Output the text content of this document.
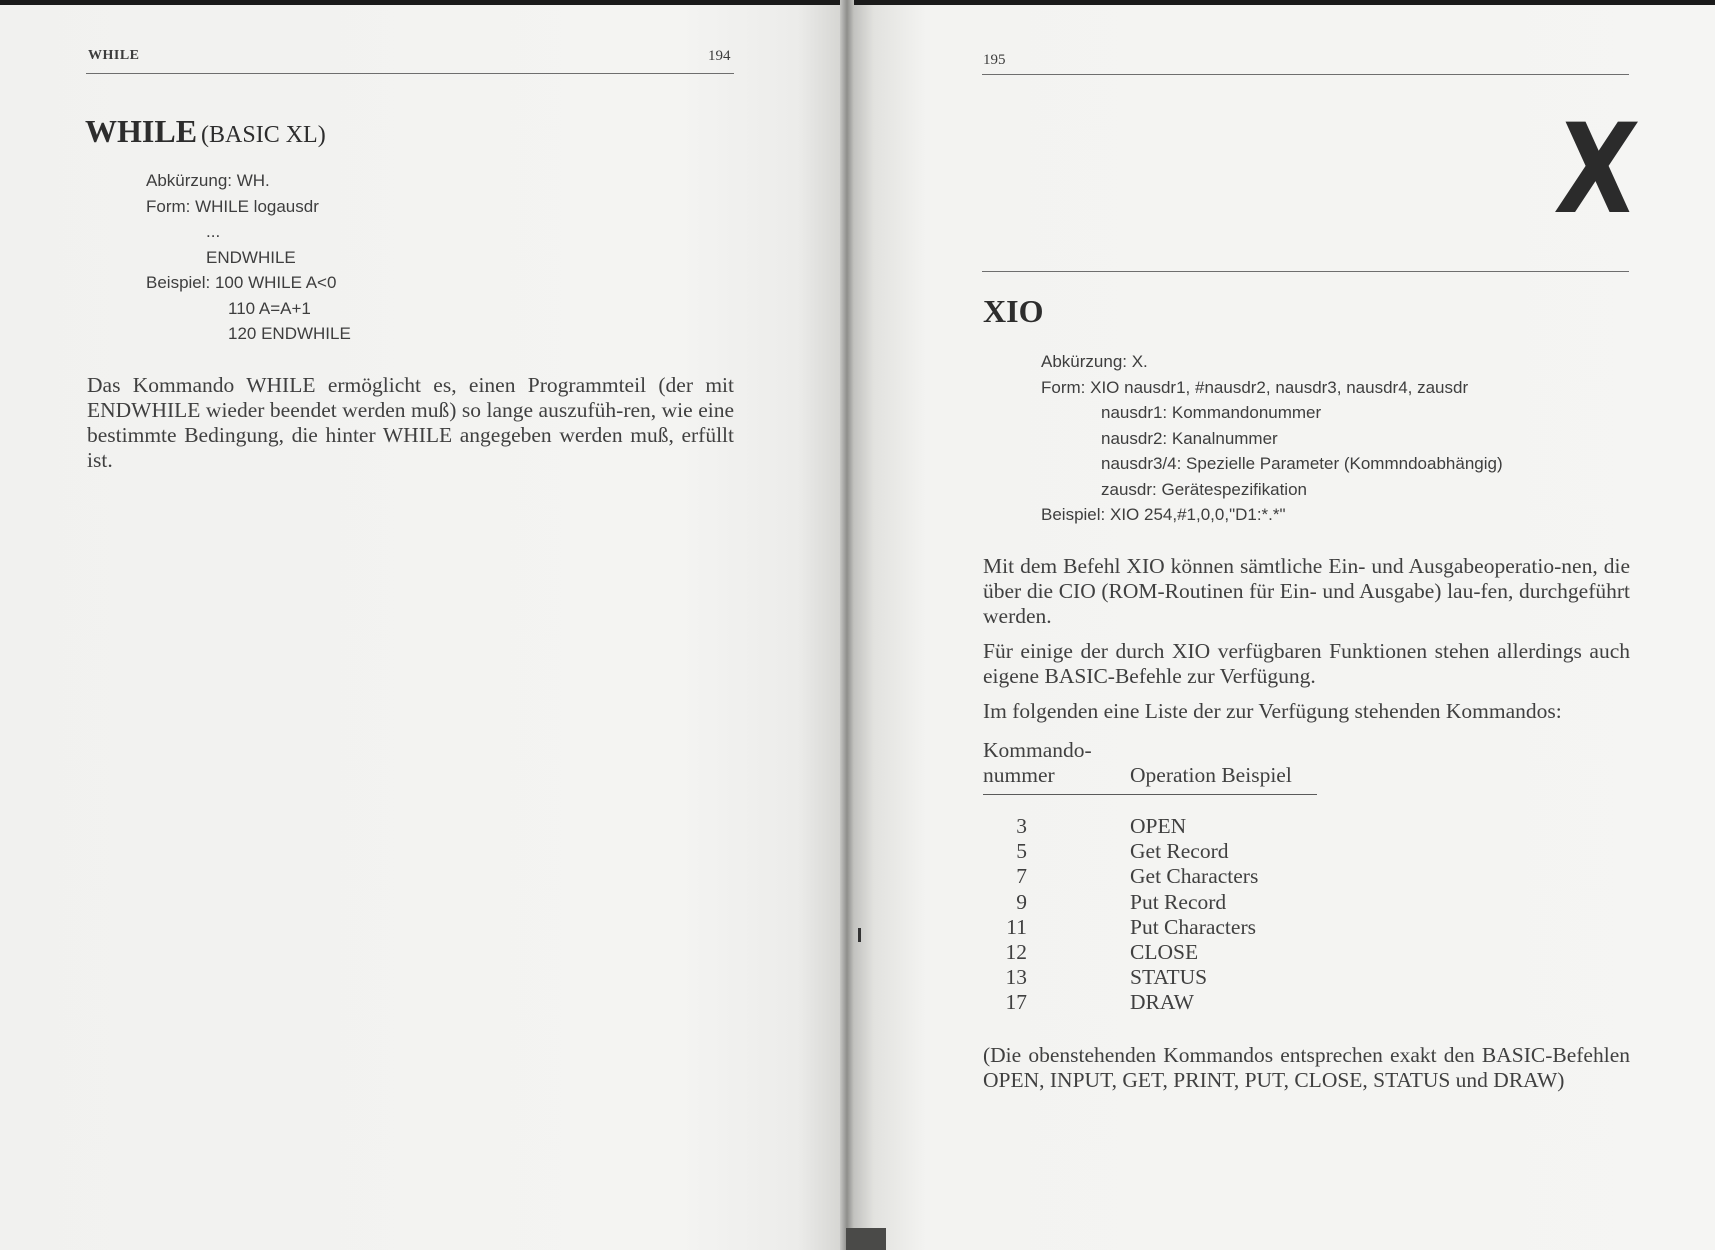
WHILE	194
WHILE (BASIC XL)
Abkürzung: WH.
Form: WHILE logausdr
...
ENDWHILE
Beispiel: 100 WHILE A<0
110 A=A+1
120 ENDWHILE

Das Kommando WHILE ermöglicht es, einen Programmteil (der mit ENDWHILE wieder beendet werden muß) so lange auszufüh-ren, wie eine bestimmte Bedingung, die hinter WHILE angegeben werden muß, erfüllt ist.

195
X
XIO
Abkürzung: X.
Form: XIO nausdr1, #nausdr2, nausdr3, nausdr4, zausdr
nausdr1: Kommandonummer
nausdr2: Kanalnummer
nausdr3/4: Spezielle Parameter (Kommndoabhängig)
zausdr: Gerätespezifikation
Beispiel: XIO 254,#1,0,0,"D1:*.*"

Mit dem Befehl XIO können sämtliche Ein- und Ausgabeoperatio-nen, die über die CIO (ROM-Routinen für Ein- und Ausgabe) lau-fen, durchgeführt werden.

Für einige der durch XIO verfügbaren Funktionen stehen allerdings auch eigene BASIC-Befehle zur Verfügung.

Im folgenden eine Liste der zur Verfügung stehenden Kommandos:

Kommando-nummer	Operation Beispiel
3	OPEN
5	Get Record
7	Get Characters
9	Put Record
11	Put Characters
12	CLOSE
13	STATUS
17	DRAW

(Die obenstehenden Kommandos entsprechen exakt den BASIC-Befehlen OPEN, INPUT, GET, PRINT, PUT, CLOSE, STATUS und DRAW)
